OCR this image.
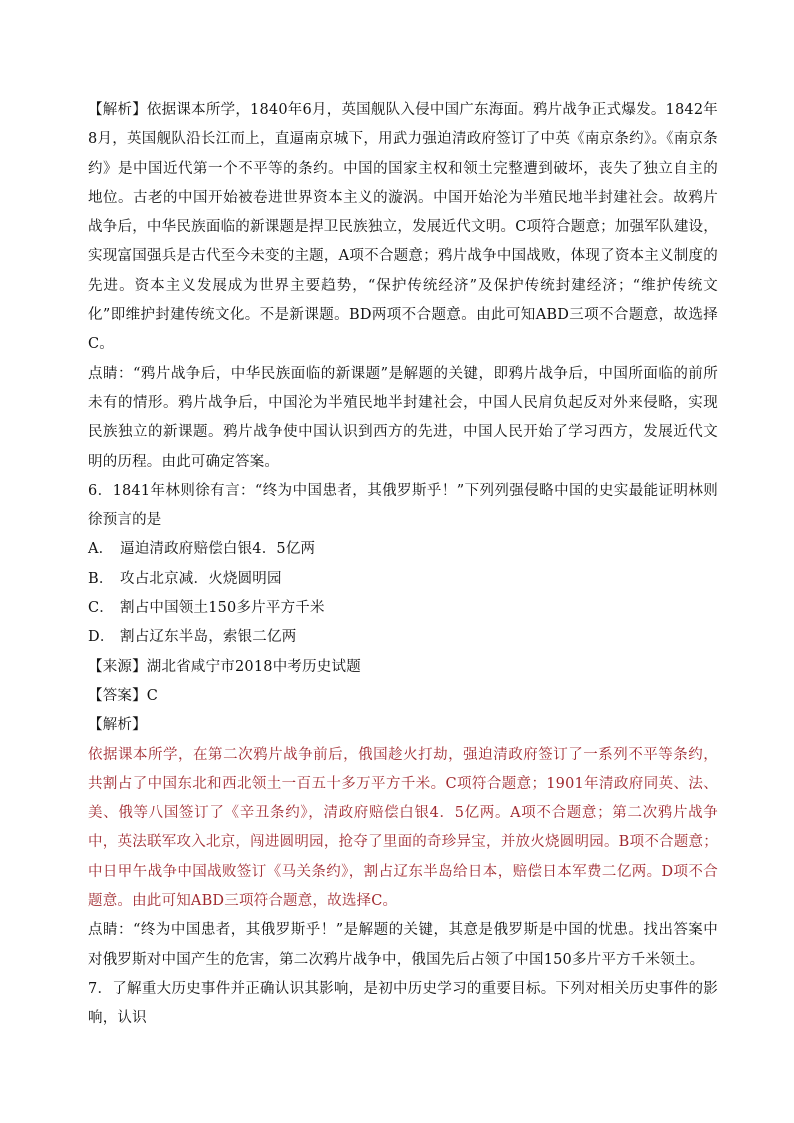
【解析】依据课本所学，1840年6月，英国舰队入侵中国广东海面。鸦片战争正式爆发。1842年8月，英国舰队沿长江而上，直逼南京城下，用武力强迫清政府签订了中英《南京条约》。《南京条约》是中国近代第一个不平等的条约。中国的国家主权和领土完整遭到破坏，丧失了独立自主的地位。古老的中国开始被卷进世界资本主义的漩涡。中国开始沦为半殖民地半封建社会。故鸦片战争后，中华民族面临的新课题是捍卫民族独立，发展近代文明。C项符合题意；加强军队建设，实现富国强兵是古代至今未变的主题，A项不合题意；鸦片战争中国战败，体现了资本主义制度的先进。资本主义发展成为世界主要趋势，“保护传统经济”及保护传统封建经济；“维护传统文化”即维护封建传统文化。不是新课题。BD两项不合题意。由此可知ABD三项不合题意，故选择C。

点睛：“鸦片战争后，中华民族面临的新课题”是解题的关键，即鸦片战争后，中国所面临的前所未有的情形。鸦片战争后，中国沦为半殖民地半封建社会，中国人民肩负起反对外来侵略，实现民族独立的新课题。鸦片战争使中国认识到西方的先进，中国人民开始了学习西方，发展近代文明的历程。由此可确定答案。

6．1841年林则徐有言：“终为中国患者，其俄罗斯乎！”下列列强侵略中国的史实最能证明林则徐预言的是

A． 逼迫清政府赔偿白银4．5亿两

B． 攻占北京减．火烧圆明园

C． 割占中国领土150多片平方千米

D． 割占辽东半岛，索银二亿两

【来源】湖北省咸宁市2018中考历史试题

【答案】C

【解析】

依据课本所学，在第二次鸦片战争前后，俄国趁火打劫，强迫清政府签订了一系列不平等条约，共割占了中国东北和西北领土一百五十多万平方千米。C项符合题意；1901年清政府同英、法、美、俄等八国签订了《辛丑条约》，清政府赔偿白银4．5亿两。A项不合题意；第二次鸦片战争中，英法联军攻入北京，闯进圆明园，抢夺了里面的奇珍异宝，并放火烧圆明园。B项不合题意；中日甲午战争中国战败签订《马关条约》，割占辽东半岛给日本，赔偿日本军费二亿两。D项不合题意。由此可知ABD三项符合题意，故选择C。

点睛：“终为中国患者，其俄罗斯乎！”是解题的关键，其意是俄罗斯是中国的忧患。找出答案中对俄罗斯对中国产生的危害，第二次鸦片战争中，俄国先后占领了中国150多片平方千米领土。

7．了解重大历史事件并正确认识其影响，是初中历史学习的重要目标。下列对相关历史事件的影响，认识
